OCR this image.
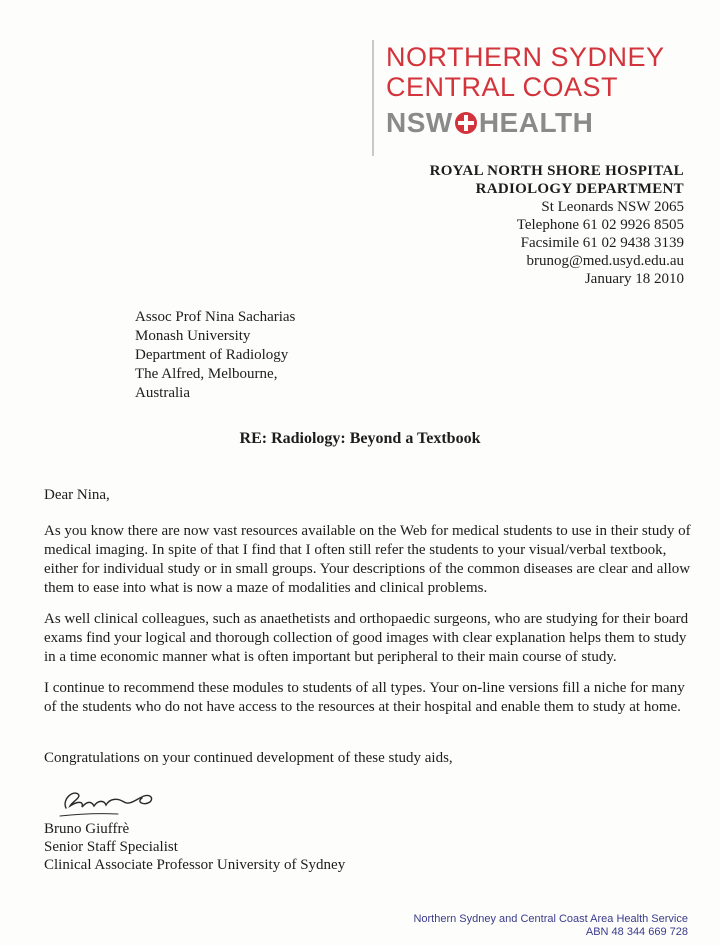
NORTHERN SYDNEY
CENTRAL COAST
NSW HEALTH
ROYAL NORTH SHORE HOSPITAL
RADIOLOGY DEPARTMENT
St Leonards NSW 2065
Telephone 61 02 9926 8505
Facsimile 61 02 9438 3139
brunog@med.usyd.edu.au
January 18 2010
Assoc Prof Nina Sacharias
Monash University
Department of Radiology
The Alfred, Melbourne,
Australia
RE: Radiology: Beyond a Textbook
Dear Nina,
As you know there are now vast resources available on the Web for medical students to use in their study of medical imaging. In spite of that I find that I often still refer the students to your visual/verbal textbook, either for individual study or in small groups. Your descriptions of the common diseases are clear and allow them to ease into what is now a maze of modalities and clinical problems.
As well clinical colleagues, such as anaethetists and orthopaedic surgeons, who are studying for their board exams find your logical and thorough collection of good images with clear explanation helps them to study in a time economic manner what is often important but peripheral to their main course of study.
I continue to recommend these modules to students of all types. Your on-line versions fill a niche for many of the students who do not have access to the resources at their hospital and enable them to study at home.
Congratulations on your continued development of these study aids,
Bruno Giuffrè
Senior Staff Specialist
Clinical Associate Professor University of Sydney
Northern Sydney and Central Coast Area Health Service
ABN 48 344 669 728
